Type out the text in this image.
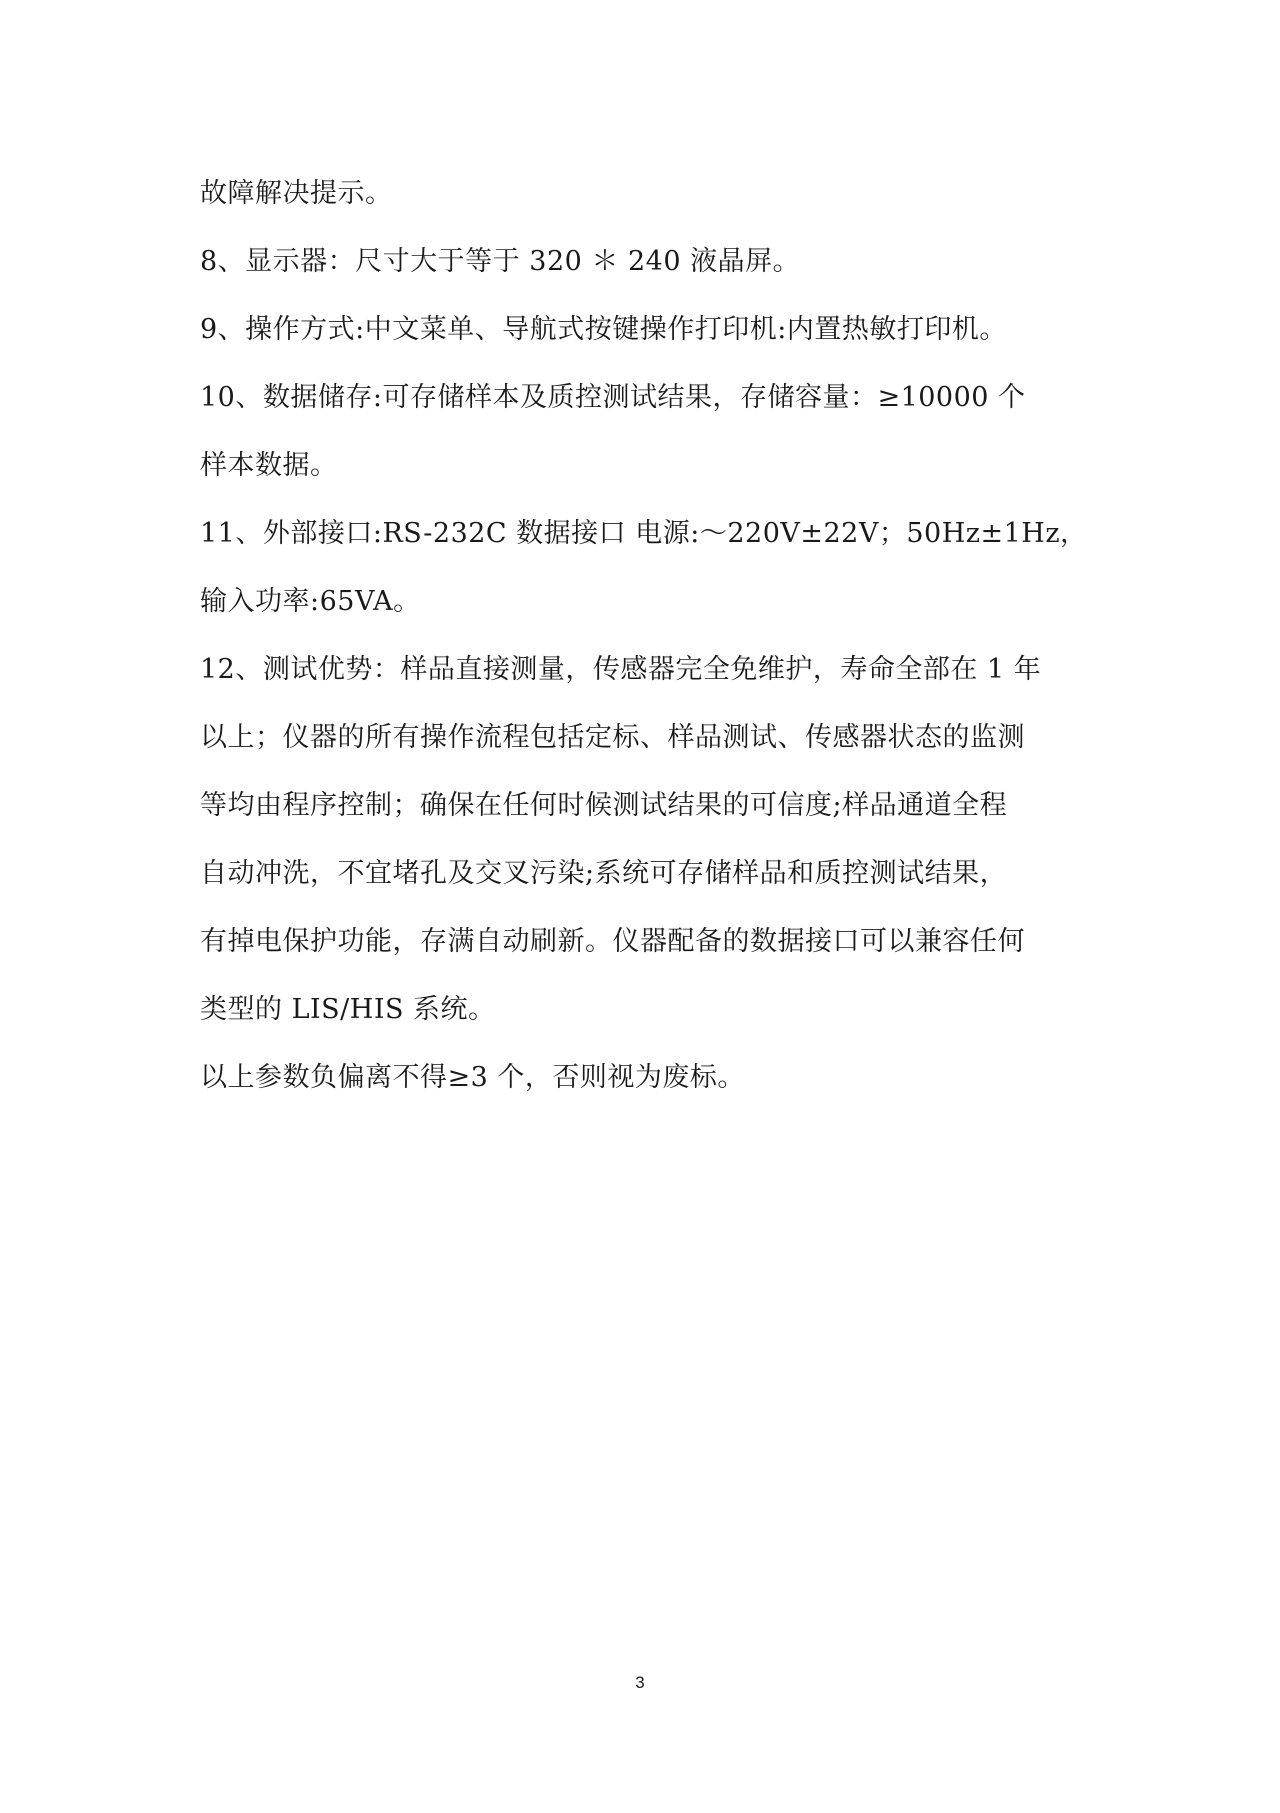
故障解决提示。
8、显示器：尺寸大于等于 320 ＊ 240 液晶屏。
9、操作方式:中文菜单、导航式按键操作打印机:内置热敏打印机。
10、数据储存:可存储样本及质控测试结果，存储容量：≥10000 个
样本数据。
11、外部接口:RS-232C 数据接口 电源:～220V±22V；50Hz±1Hz，
输入功率:65VA。
12、测试优势：样品直接测量，传感器完全免维护，寿命全部在 1 年
以上；仪器的所有操作流程包括定标、样品测试、传感器状态的监测
等均由程序控制；确保在任何时候测试结果的可信度;样品通道全程
自动冲洗，不宜堵孔及交叉污染;系统可存储样品和质控测试结果，
有掉电保护功能，存满自动刷新。仪器配备的数据接口可以兼容任何
类型的 LIS/HIS 系统。
以上参数负偏离不得≥3 个，否则视为废标。
3
